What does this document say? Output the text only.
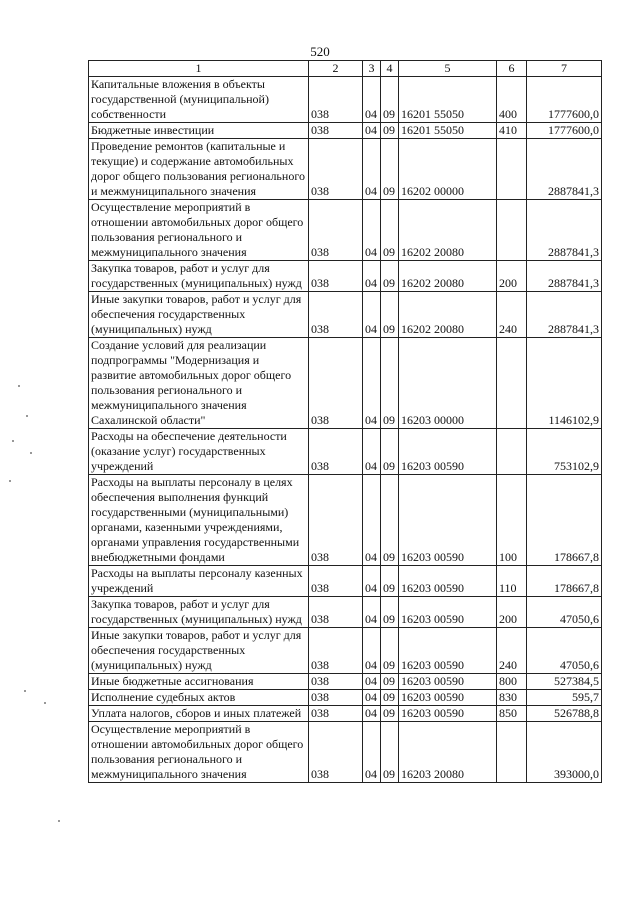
520
1	2	3	4	5	6	7
Капитальные вложения в объекты государственной (муниципальной) собственности	038	04	09	16201 55050	400	1777600,0
Бюджетные инвестиции	038	04	09	16201 55050	410	1777600,0
Проведение ремонтов (капитальные и текущие) и содержание автомобильных дорог общего пользования регионального и межмуниципального значения	038	04	09	16202 00000		2887841,3
Осуществление мероприятий в отношении автомобильных дорог общего пользования регионального и межмуниципального значения	038	04	09	16202 20080		2887841,3
Закупка товаров, работ и услуг для государственных (муниципальных) нужд	038	04	09	16202 20080	200	2887841,3
Иные закупки товаров, работ и услуг для обеспечения государственных (муниципальных) нужд	038	04	09	16202 20080	240	2887841,3
Создание условий для реализации подпрограммы "Модернизация и развитие автомобильных дорог общего пользования регионального и межмуниципального значения Сахалинской области"	038	04	09	16203 00000		1146102,9
Расходы на обеспечение деятельности (оказание услуг) государственных учреждений	038	04	09	16203 00590		753102,9
Расходы на выплаты персоналу в целях обеспечения выполнения функций государственными (муниципальными) органами, казенными учреждениями, органами управления государственными внебюджетными фондами	038	04	09	16203 00590	100	178667,8
Расходы на выплаты персоналу казенных учреждений	038	04	09	16203 00590	110	178667,8
Закупка товаров, работ и услуг для государственных (муниципальных) нужд	038	04	09	16203 00590	200	47050,6
Иные закупки товаров, работ и услуг для обеспечения государственных (муниципальных) нужд	038	04	09	16203 00590	240	47050,6
Иные бюджетные ассигнования	038	04	09	16203 00590	800	527384,5
Исполнение судебных актов	038	04	09	16203 00590	830	595,7
Уплата налогов, сборов и иных платежей	038	04	09	16203 00590	850	526788,8
Осуществление мероприятий в отношении автомобильных дорог общего пользования регионального и межмуниципального значения	038	04	09	16203 20080		393000,0
